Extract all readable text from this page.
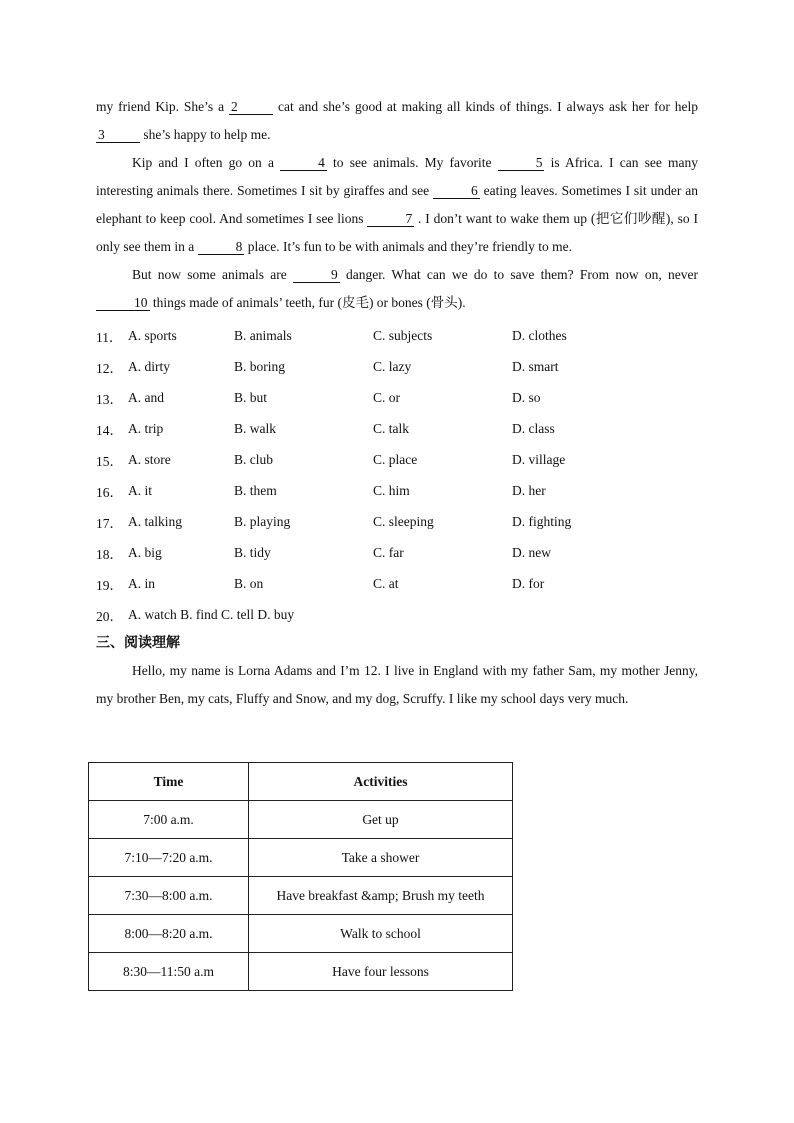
my friend Kip. She’s a 2	cat and she’s good at making all kinds of things. I always ask her for help 3	she’s happy to help me.

Kip and I often go on a	4 to see animals. My favorite	5 is Africa. I can see many interesting animals there. Sometimes I sit by giraffes and see	6 eating leaves. Sometimes I sit under an elephant to keep cool. And sometimes I see lions	7 . I don’t want to wake them up (把它们吵醒), so I only see them in a	8 place. It’s fun to be with animals and they’re friendly to me.

But now some animals are	9 danger. What can we do to save them? From now on, never 10 things made of animals’ teeth, fur (皮毛) or bones (骨头).

11． A. sports	B. animals	C. subjects	D. clothes
12． A. dirty	B. boring	C. lazy	D. smart
13． A. and	B. but	C. or	D. so
14． A. trip	B. walk	C. talk	D. class
15． A. store	B. club	C. place	D. village
16． A. it	B. them	C. him	D. her
17． A. talking	B. playing	C. sleeping	D. fighting
18． A. big	B. tidy	C. far	D. new
19． A. in	B. on	C. at	D. for
20． A. watch B. find C. tell D. buy
三、阅读理解

Hello, my name is Lorna Adams and I’m 12. I live in England with my father Sam, my mother Jenny, my brother Ben, my cats, Fluffy and Snow, and my dog, Scruffy. I like my school days very much.

Time	Activities
7:00 a.m.	Get up
7:10—7:20 a.m.	Take a shower
7:30—8:00 a.m.	Have breakfast &amp; Brush my teeth
8:00—8:20 a.m.	Walk to school
8:30—11:50 a.m	Have four lessons
